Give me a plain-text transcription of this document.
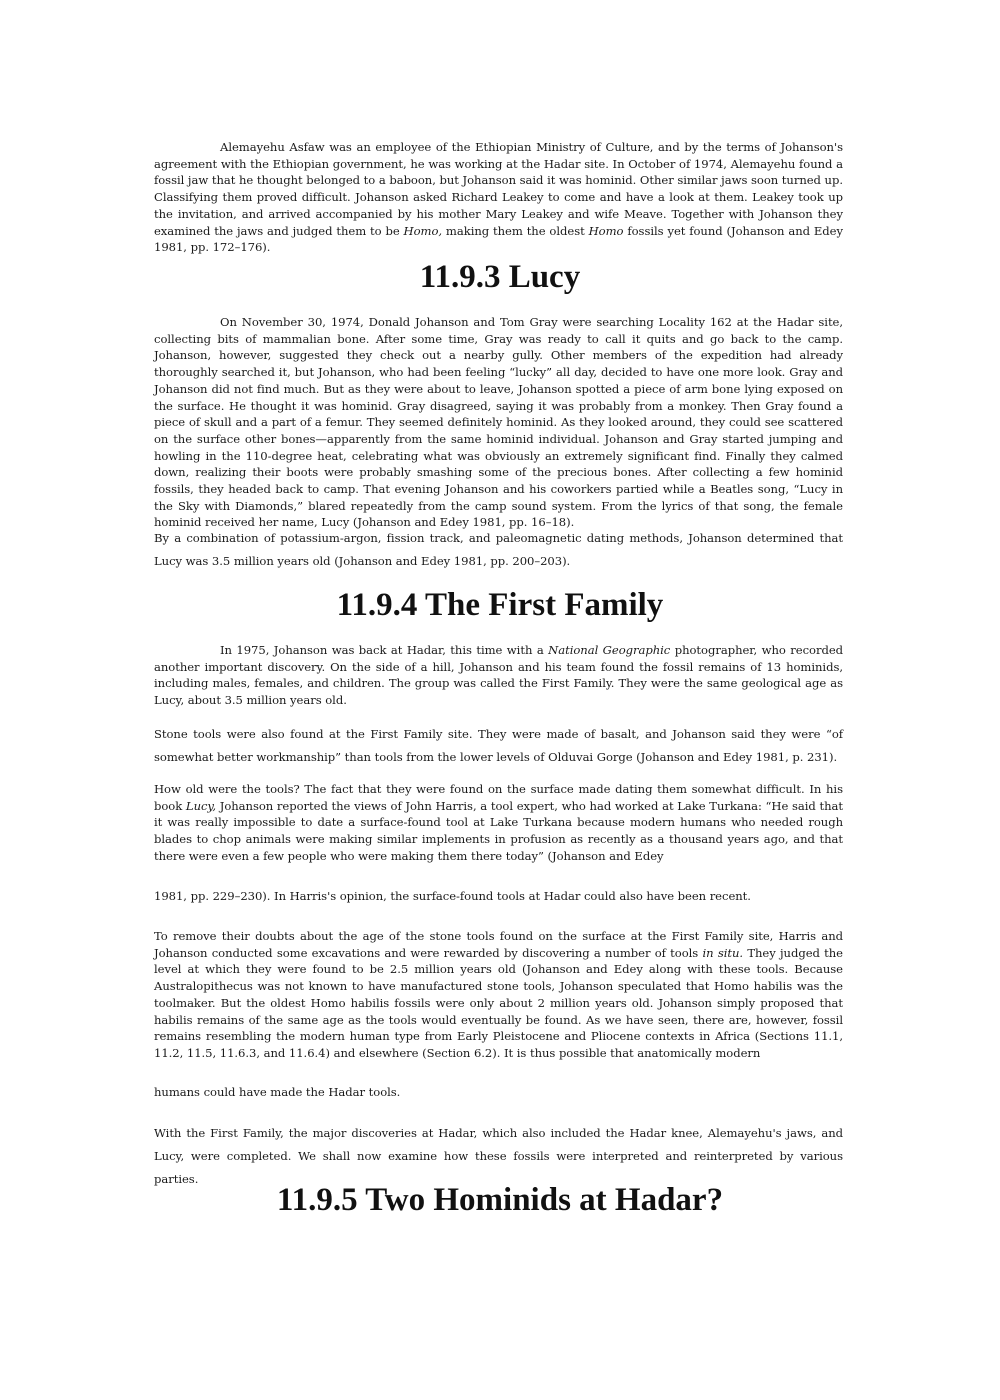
Alemayehu Asfaw was an employee of the Ethiopian Ministry of Culture, and by the terms of Johanson's agreement with the Ethiopian government, he was working at the Hadar site. In October of 1974, Alemayehu found a fossil jaw that he thought belonged to a baboon, but Johanson said it was hominid. Other similar jaws soon turned up. Classifying them proved difficult. Johanson asked Richard Leakey to come and have a look at them. Leakey took up the invitation, and arrived accompanied by his mother Mary Leakey and wife Meave. Together with Johanson they examined the jaws and judged them to be Homo, making them the oldest Homo fossils yet found (Johanson and Edey 1981, pp. 172–176).

11.9.3 Lucy

On November 30, 1974, Donald Johanson and Tom Gray were searching Locality 162 at the Hadar site, collecting bits of mammalian bone. After some time, Gray was ready to call it quits and go back to the camp. Johanson, however, suggested they check out a nearby gully. Other members of the expedition had already thoroughly searched it, but Johanson, who had been feeling “lucky” all day, decided to have one more look. Gray and Johanson did not find much. But as they were about to leave, Johanson spotted a piece of arm bone lying exposed on the surface. He thought it was hominid. Gray disagreed, saying it was probably from a monkey. Then Gray found a piece of skull and a part of a femur. They seemed definitely hominid. As they looked around, they could see scattered on the surface other bones—apparently from the same hominid individual. Johanson and Gray started jumping and howling in the 110-degree heat, celebrating what was obviously an extremely significant find. Finally they calmed down, realizing their boots were probably smashing some of the precious bones. After collecting a few hominid fossils, they headed back to camp. That evening Johanson and his coworkers partied while a Beatles song, “Lucy in the Sky with Diamonds,” blared repeatedly from the camp sound system. From the lyrics of that song, the female hominid received her name, Lucy (Johanson and Edey 1981, pp. 16–18).

By a combination of potassium-argon, fission track, and paleomagnetic dating methods, Johanson determined that Lucy was 3.5 million years old (Johanson and Edey 1981, pp. 200–203).

11.9.4 The First Family

In 1975, Johanson was back at Hadar, this time with a National Geographic photographer, who recorded another important discovery. On the side of a hill, Johanson and his team found the fossil remains of 13 hominids, including males, females, and children. The group was called the First Family. They were the same geological age as Lucy, about 3.5 million years old.

Stone tools were also found at the First Family site. They were made of basalt, and Johanson said they were “of somewhat better workmanship” than tools from the lower levels of Olduvai Gorge (Johanson and Edey 1981, p. 231).

How old were the tools? The fact that they were found on the surface made dating them somewhat difficult. In his book Lucy, Johanson reported the views of John Harris, a tool expert, who had worked at Lake Turkana: “He said that it was really impossible to date a surface-found tool at Lake Turkana because modern humans who needed rough blades to chop animals were making similar implements in profusion as recently as a thousand years ago, and that there were even a few people who were making them there today” (Johanson and Edey

1981, pp. 229–230). In Harris's opinion, the surface-found tools at Hadar could also have been recent.

To remove their doubts about the age of the stone tools found on the surface at the First Family site, Harris and Johanson conducted some excavations and were rewarded by discovering a number of tools in situ. They judged the level at which they were found to be 2.5 million years old (Johanson and Edey along with these tools. Because Australopithecus was not known to have manufactured stone tools, Johanson speculated that Homo habilis was the toolmaker. But the oldest Homo habilis fossils were only about 2 million years old. Johanson simply proposed that habilis remains of the same age as the tools would eventually be found. As we have seen, there are, however, fossil remains resembling the modern human type from Early Pleistocene and Pliocene contexts in Africa (Sections 11.1, 11.2, 11.5, 11.6.3, and 11.6.4) and elsewhere (Section 6.2). It is thus possible that anatomically modern

humans could have made the Hadar tools.

With the First Family, the major discoveries at Hadar, which also included the Hadar knee, Alemayehu's jaws, and Lucy, were completed. We shall now examine how these fossils were interpreted and reinterpreted by various parties.

11.9.5 Two Hominids at Hadar?
